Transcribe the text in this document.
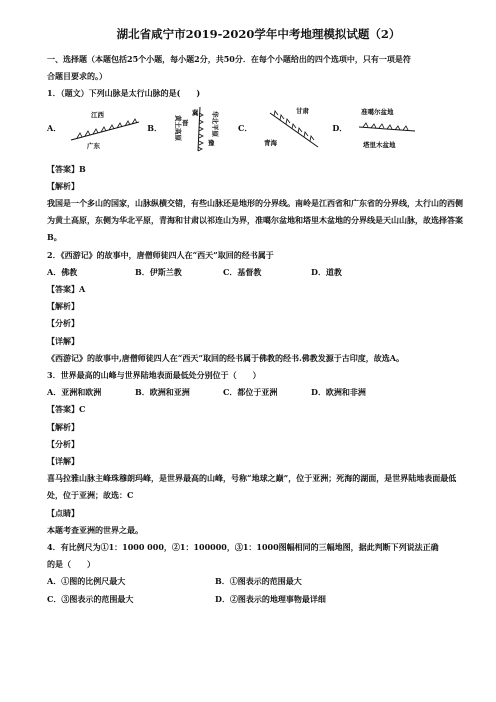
湖北省咸宁市2019-2020学年中考地理模拟试题（2）
一、选择题（本题包括25个小题，每小题2分，共50分．在每个小题给出的四个选项中，只有一项是符
合题目要求的。）
1．（题文）下列山脉是太行山脉的是(　　)
A．
江西
广东
B．
冀
晋
豫
华北平原
黄土高原	C．
甘肃
青海
D．
准噶尔盆地
塔里木盆地
【答案】B
【解析】
我国是一个多山的国家，山脉纵横交错，有些山脉还是地形的分界线。南岭是江西省和广东省的分界线，太行山的西侧为黄土高原，东侧为华北平原，青海和甘肃以祁连山为界，准噶尔盆地和塔里木盆地的分界线是天山山脉，故选择答案B。
2．《西游记》的故事中，唐僧师徒四人在“西天”取回的经书属于
A．佛教	B．伊斯兰教	C．基督教	D．道教
【答案】A
【解析】
【分析】
【详解】
《西游记》的故事中,唐僧师徒四人在“西天”取回的经书属于佛教的经书.佛教发源于古印度，故选A。
3．世界最高的山峰与世界陆地表面最低处分别位于（　　）
A．亚洲和欧洲	B．欧洲和亚洲	C．都位于亚洲	D．欧洲和非洲
【答案】C
【解析】
【分析】
【详解】
喜马拉雅山脉主峰珠穆朗玛峰，是世界最高的山峰，号称“地球之巅”，位于亚洲；死海的湖面，是世界陆地表面最低处，位于亚洲；故选：C
【点睛】
本题考查亚洲的世界之最。
4．有比例尺为①1：1000 000，②1：100000，③1：1000图幅相同的三幅地图，据此判断下列说法正确
的是（　　）
A．①图的比例尺最大	B．①图表示的范围最大
C．③图表示的范围最大	D．②图表示的地理事物最详细
